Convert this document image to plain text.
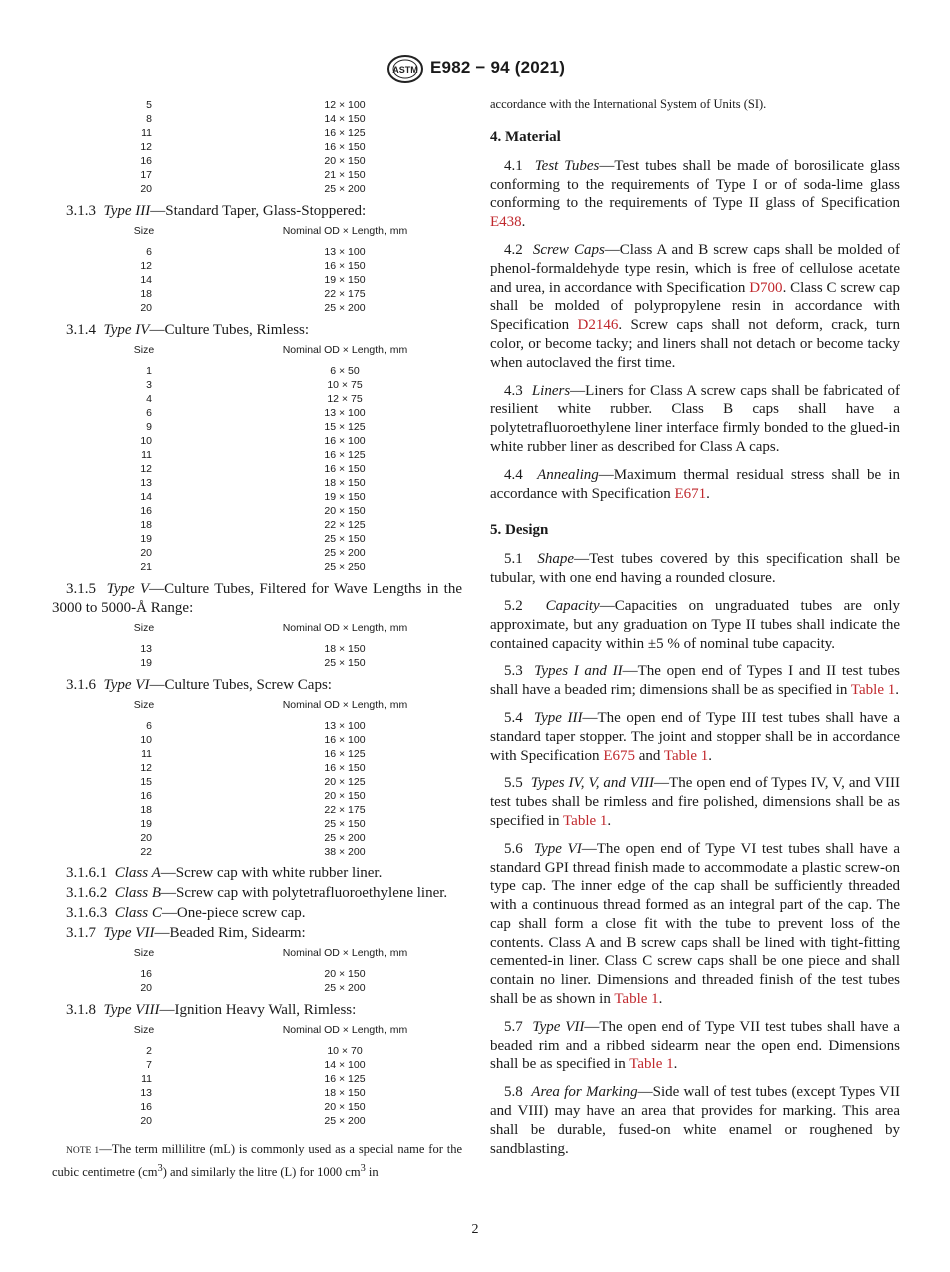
ASTM E982 − 94 (2021)
5	12 × 100
8	14 × 150
11	16 × 125
12	16 × 150
16	20 × 150
17	21 × 150
20	25 × 200
3.1.3 Type III—Standard Taper, Glass-Stoppered:
Size	Nominal OD × Length, mm
6	13 × 100
12	16 × 150
14	19 × 150
18	22 × 175
20	25 × 200
3.1.4 Type IV—Culture Tubes, Rimless:
Size	Nominal OD × Length, mm
1	6 × 50
3	10 × 75
4	12 × 75
6	13 × 100
9	15 × 125
10	16 × 100
11	16 × 125
12	16 × 150
13	18 × 150
14	19 × 150
16	20 × 150
18	22 × 125
19	25 × 150
20	25 × 200
21	25 × 250
3.1.5 Type V—Culture Tubes, Filtered for Wave Lengths in the 3000 to 5000-Å Range:
Size	Nominal OD × Length, mm
13	18 × 150
19	25 × 150
3.1.6 Type VI—Culture Tubes, Screw Caps:
Size	Nominal OD × Length, mm
6	13 × 100
10	16 × 100
11	16 × 125
12	16 × 150
15	20 × 125
16	20 × 150
18	22 × 175
19	25 × 150
20	25 × 200
22	38 × 200
3.1.6.1 Class A—Screw cap with white rubber liner.
3.1.6.2 Class B—Screw cap with polytetrafluoroethylene liner.
3.1.6.3 Class C—One-piece screw cap.
3.1.7 Type VII—Beaded Rim, Sidearm:
Size	Nominal OD × Length, mm
16	20 × 150
20	25 × 200
3.1.8 Type VIII—Ignition Heavy Wall, Rimless:
Size	Nominal OD × Length, mm
2	10 × 70
7	14 × 100
11	16 × 125
13	18 × 150
16	20 × 150
20	25 × 200
NOTE 1—The term millilitre (mL) is commonly used as a special name for the cubic centimetre $(cm^3)$ and similarly the litre (L) for 1000 $cm^3$ in

accordance with the International System of Units (SI).

4. Material

4.1 Test Tubes—Test tubes shall be made of borosilicate glass conforming to the requirements of Type I or of soda-lime glass conforming to the requirements of Type II glass of Specification E438.

4.2 Screw Caps—Class A and B screw caps shall be molded of phenol-formaldehyde type resin, which is free of cellulose acetate and urea, in accordance with Specification D700. Class C screw cap shall be molded of polypropylene resin in accordance with Specification D2146. Screw caps shall not deform, crack, turn color, or become tacky; and liners shall not detach or become tacky when autoclaved the first time.

4.3 Liners—Liners for Class A screw caps shall be fabricated of resilient white rubber. Class B caps shall have a polytetrafluoroethylene liner interface firmly bonded to the glued-in white rubber liner as described for Class A caps.

4.4 Annealing—Maximum thermal residual stress shall be in accordance with Specification E671.

5. Design

5.1 Shape—Test tubes covered by this specification shall be tubular, with one end having a rounded closure.

5.2 Capacity—Capacities on ungraduated tubes are only approximate, but any graduation on Type II tubes shall indicate the contained capacity within ±5 % of nominal tube capacity.

5.3 Types I and II—The open end of Types I and II test tubes shall have a beaded rim; dimensions shall be as specified in Table 1.

5.4 Type III—The open end of Type III test tubes shall have a standard taper stopper. The joint and stopper shall be in accordance with Specification E675 and Table 1.

5.5 Types IV, V, and VIII—The open end of Types IV, V, and VIII test tubes shall be rimless and fire polished, dimensions shall be as specified in Table 1.

5.6 Type VI—The open end of Type VI test tubes shall have a standard GPI thread finish made to accommodate a plastic screw-on type cap. The inner edge of the cap shall be sufficiently threaded with a continuous thread formed as an integral part of the cap. The cap shall form a close fit with the tube to prevent loss of the contents. Class A and B screw caps shall be lined with tight-fitting cemented-in liner. Class C screw caps shall be one piece and shall contain no liner. Dimensions and threaded finish of the test tubes shall be as shown in Table 1.

5.7 Type VII—The open end of Type VII test tubes shall have a beaded rim and a ribbed sidearm near the open end. Dimensions shall be as specified in Table 1.

5.8 Area for Marking—Side wall of test tubes (except Types VII and VIII) may have an area that provides for marking. This area shall be durable, fused-on white enamel or roughened by sandblasting.

2
